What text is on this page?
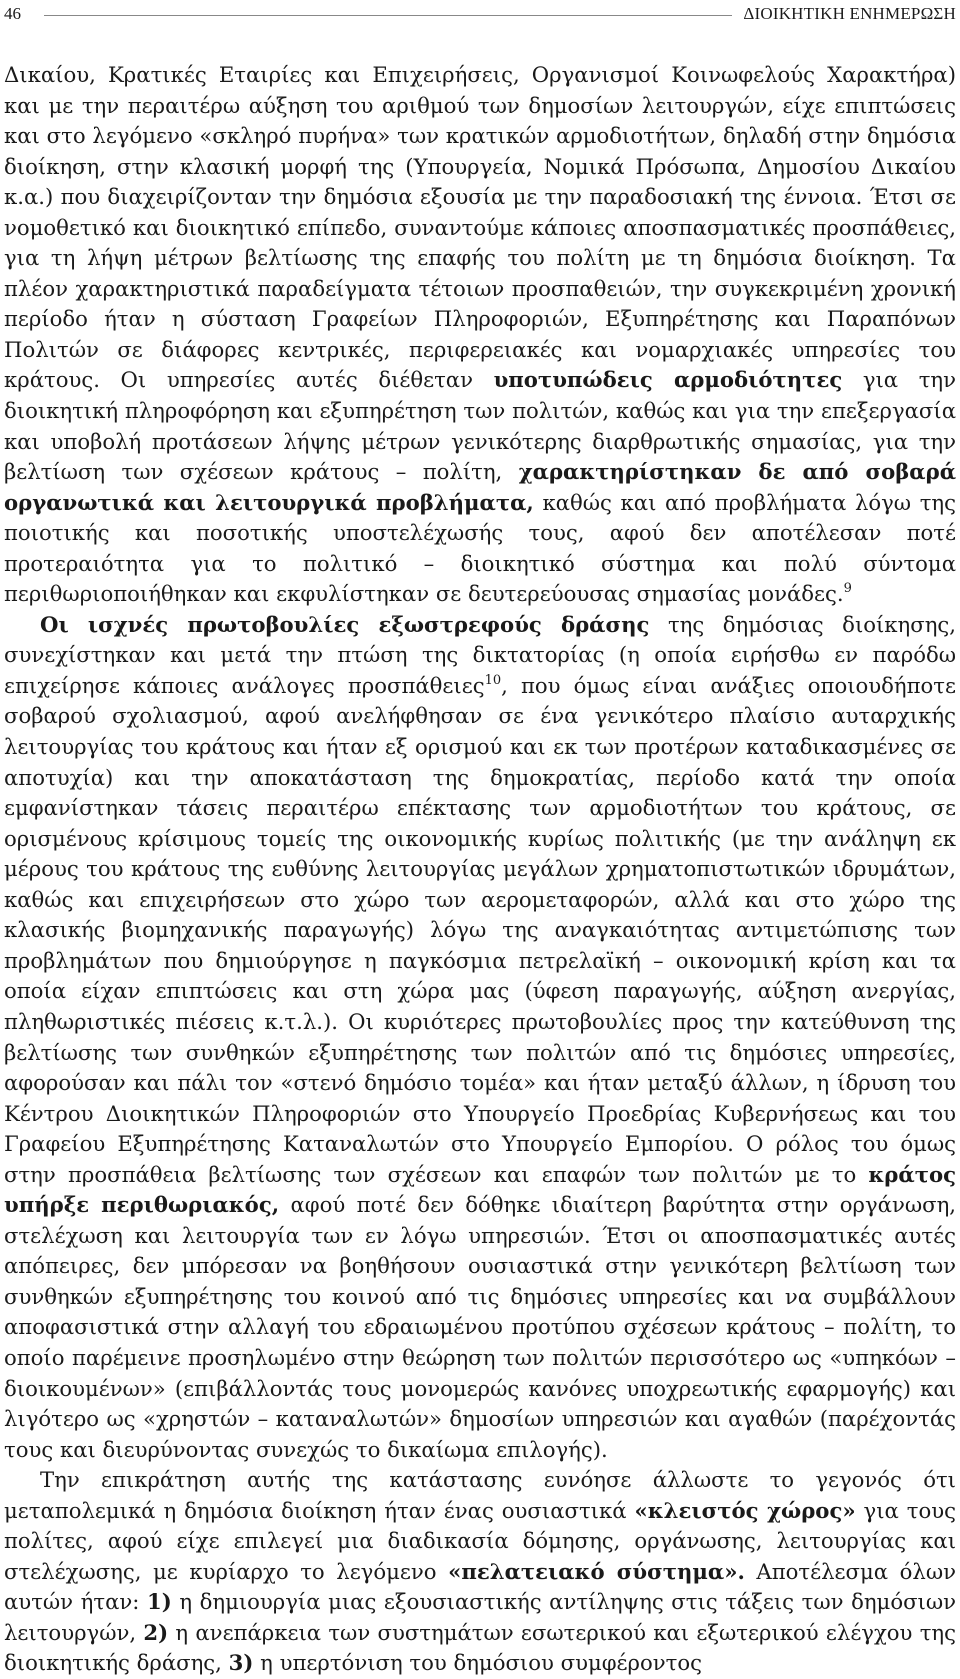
46	ΔΙΟΙΚΗΤΙΚΗ ΕΝΗΜΕΡΩΣΗ

Δικαίου, Κρατικές Εταιρίες και Επιχειρήσεις, Οργανισμοί Κοινωφελούς Χαρακτήρα) και με την περαιτέρω αύξηση του αριθμού των δημοσίων λειτουργών, είχε επιπτώσεις και στο λεγόμενο «σκληρό πυρήνα» των κρατικών αρμοδιοτήτων, δηλαδή στην δημόσια διοίκηση, στην κλασική μορφή της (Υπουργεία, Νομικά Πρόσωπα, Δημοσίου Δικαίου κ.α.) που διαχειρίζονταν την δημόσια εξουσία με την παραδοσιακή της έννοια. Έτσι σε νομοθετικό και διοικητικό επίπεδο, συναντούμε κάποιες αποσπασματικές προσπάθειες, για τη λήψη μέτρων βελτίωσης της επαφής του πολίτη με τη δημόσια διοίκηση. Τα πλέον χαρακτηριστικά παραδείγματα τέτοιων προσπαθειών, την συγκεκριμένη χρονική περίοδο ήταν η σύσταση Γραφείων Πληροφοριών, Εξυπηρέτησης και Παραπόνων Πολιτών σε διάφορες κεντρικές, περιφερειακές και νομαρχιακές υπηρεσίες του κράτους. Οι υπηρεσίες αυτές διέθεταν υποτυπώδεις αρμοδιότητες για την διοικητική πληροφόρηση και εξυπηρέτηση των πολιτών, καθώς και για την επεξεργασία και υποβολή προτάσεων λήψης μέτρων γενικότερης διαρθρωτικής σημασίας, για την βελτίωση των σχέσεων κράτους – πολίτη, χαρακτηρίστηκαν δε από σοβαρά οργανωτικά και λειτουργικά προβλήματα, καθώς και από προβλήματα λόγω της ποιοτικής και ποσοτικής υποστελέχωσής τους, αφού δεν αποτέλεσαν ποτέ προτεραιότητα για το πολιτικό – διοικητικό σύστημα και πολύ σύντομα περιθωριοποιήθηκαν και εκφυλίστηκαν σε δευτερεύουσας σημασίας μονάδες.$^9$

Οι ισχνές πρωτοβουλίες εξωστρεφούς δράσης της δημόσιας διοίκησης, συνεχίστηκαν και μετά την πτώση της δικτατορίας (η οποία ειρήσθω εν παρόδω επιχείρησε κάποιες ανάλογες προσπάθειες$^{10}$, που όμως είναι ανάξιες οποιουδήποτε σοβαρού σχολιασμού, αφού ανελήφθησαν σε ένα γενικότερο πλαίσιο αυταρχικής λειτουργίας του κράτους και ήταν εξ ορισμού και εκ των προτέρων καταδικασμένες σε αποτυχία) και την αποκατάσταση της δημοκρατίας, περίοδο κατά την οποία εμφανίστηκαν τάσεις περαιτέρω επέκτασης των αρμοδιοτήτων του κράτους, σε ορισμένους κρίσιμους τομείς της οικονομικής κυρίως πολιτικής (με την ανάληψη εκ μέρους του κράτους της ευθύνης λειτουργίας μεγάλων χρηματοπιστωτικών ιδρυμάτων, καθώς και επιχειρήσεων στο χώρο των αερομεταφορών, αλλά και στο χώρο της κλασικής βιομηχανικής παραγωγής) λόγω της αναγκαιότητας αντιμετώπισης των προβλημάτων που δημιούργησε η παγκόσμια πετρελαϊκή – οικονομική κρίση και τα οποία είχαν επιπτώσεις και στη χώρα μας (ύφεση παραγωγής, αύξηση ανεργίας, πληθωριστικές πιέσεις κ.τ.λ.). Οι κυριότερες πρωτοβουλίες προς την κατεύθυνση της βελτίωσης των συνθηκών εξυπηρέτησης των πολιτών από τις δημόσιες υπηρεσίες, αφορούσαν και πάλι τον «στενό δημόσιο τομέα» και ήταν μεταξύ άλλων, η ίδρυση του Κέντρου Διοικητικών Πληροφοριών στο Υπουργείο Προεδρίας Κυβερνήσεως και του Γραφείου Εξυπηρέτησης Καταναλωτών στο Υπουργείο Εμπορίου. Ο ρόλος του όμως στην προσπάθεια βελτίωσης των σχέσεων και επαφών των πολιτών με το κράτος υπήρξε περιθωριακός, αφού ποτέ δεν δόθηκε ιδιαίτερη βαρύτητα στην οργάνωση, στελέχωση και λειτουργία των εν λόγω υπηρεσιών. Έτσι οι αποσπασματικές αυτές απόπειρες, δεν μπόρεσαν να βοηθήσουν ουσιαστικά στην γενικότερη βελτίωση των συνθηκών εξυπηρέτησης του κοινού από τις δημόσιες υπηρεσίες και να συμβάλλουν αποφασιστικά στην αλλαγή του εδραιωμένου προτύπου σχέσεων κράτους – πολίτη, το οποίο παρέμεινε προσηλωμένο στην θεώρηση των πολιτών περισσότερο ως «υπηκόων – διοικουμένων» (επιβάλλοντάς τους μονομερώς κανόνες υποχρεωτικής εφαρμογής) και λιγότερο ως «χρηστών – καταναλωτών» δημοσίων υπηρεσιών και αγαθών (παρέχοντάς τους και διευρύνοντας συνεχώς το δικαίωμα επιλογής).

Την επικράτηση αυτής της κατάστασης ευνόησε άλλωστε το γεγονός ότι μεταπολεμικά η δημόσια διοίκηση ήταν ένας ουσιαστικά «κλειστός χώρος» για τους πολίτες, αφού είχε επιλεγεί μια διαδικασία δόμησης, οργάνωσης, λειτουργίας και στελέχωσης, με κυρίαρχο το λεγόμενο «πελατειακό σύστημα». Αποτέλεσμα όλων αυτών ήταν: 1) η δημιουργία μιας εξουσιαστικής αντίληψης στις τάξεις των δημόσιων λειτουργών, 2) η ανεπάρκεια των συστημάτων εσωτερικού και εξωτερικού ελέγχου της διοικητικής δράσης, 3) η υπερτόνιση του δημόσιου συμφέροντος
